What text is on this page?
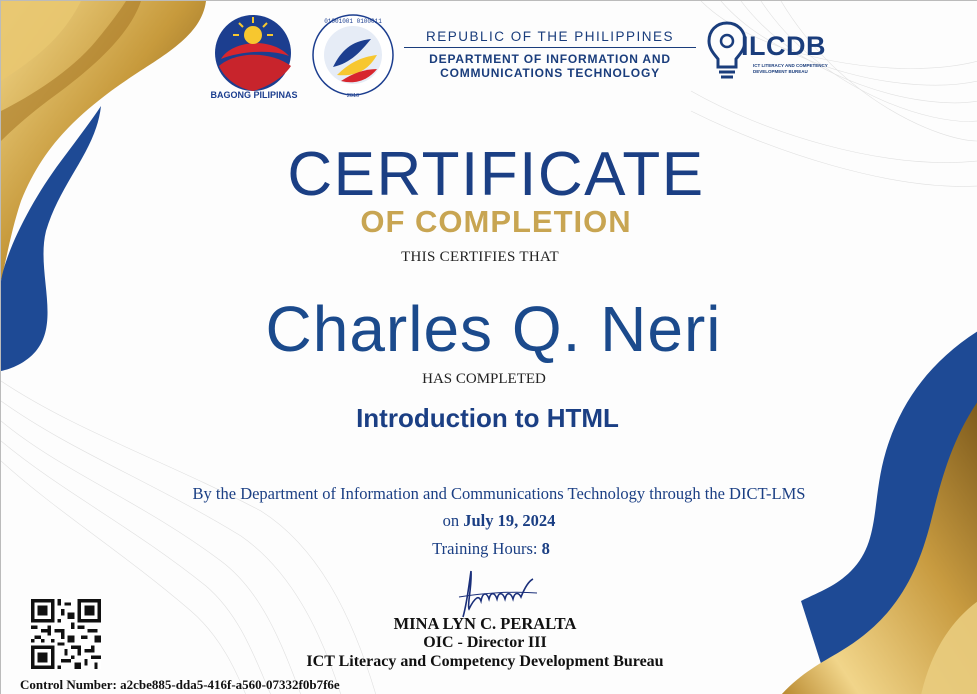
01001001 0100011
2016
BAGONG PILIPINAS
REPUBLIC OF THE PHILIPPINES
DEPARTMENT OF INFORMATION AND
COMMUNICATIONS TECHNOLOGY
ILCDB
ICT LITERACY AND COMPETENCY DEVELOPMENT BUREAU
CERTIFICATE
OF COMPLETION
THIS CERTIFIES THAT
Charles Q. Neri
HAS COMPLETED
Introduction to HTML
By the Department of Information and Communications Technology through the DICT-LMS on July 19, 2024
Training Hours: 8
MINA LYN C. PERALTA
OIC - Director III
ICT Literacy and Competency Development Bureau
Control Number: a2cbe885-dda5-416f-a560-07332f0b7f6e
